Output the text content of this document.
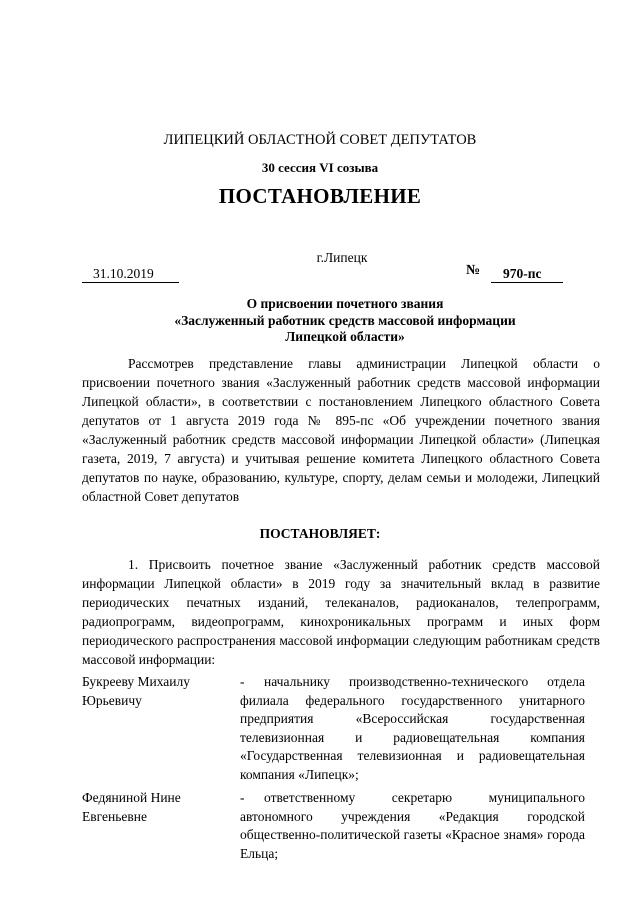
ЛИПЕЦКИЙ ОБЛАСТНОЙ СОВЕТ ДЕПУТАТОВ
30 сессия VI созыва
ПОСТАНОВЛЕНИЕ
г.Липецк
31.10.2019	№	970-пс
О присвоении почетного звания
«Заслуженный работник средств массовой информации
Липецкой области»
Рассмотрев представление главы администрации Липецкой области о присвоении почетного звания «Заслуженный работник средств массовой информации Липецкой области», в соответствии с постановлением Липецкого областного Совета депутатов от 1 августа 2019 года № 895-пс «Об учреждении почетного звания «Заслуженный работник средств массовой информации Липецкой области» (Липецкая газета, 2019, 7 августа) и учитывая решение комитета Липецкого областного Совета депутатов по науке, образованию, культуре, спорту, делам семьи и молодежи, Липецкий областной Совет депутатов
ПОСТАНОВЛЯЕТ:
1. Присвоить почетное звание «Заслуженный работник средств массовой информации Липецкой области» в 2019 году за значительный вклад в развитие периодических печатных изданий, телеканалов, радиоканалов, телепрограмм, радиопрограмм, видеопрограмм, кинохроникальных программ и иных форм периодического распространения массовой информации следующим работникам средств массовой информации:
Букрееву Михаилу Юрьевичу
-	начальнику производственно-технического отдела филиала федерального государственного унитарного предприятия «Всероссийская государственная телевизионная и радиовещательная компания «Государственная телевизионная и радиовещательная компания «Липецк»;
Федяниной Нине Евгеньевне
-	ответственному секретарю муниципального автономного учреждения «Редакция городской общественно-политической газеты «Красное знамя» города Ельца;
